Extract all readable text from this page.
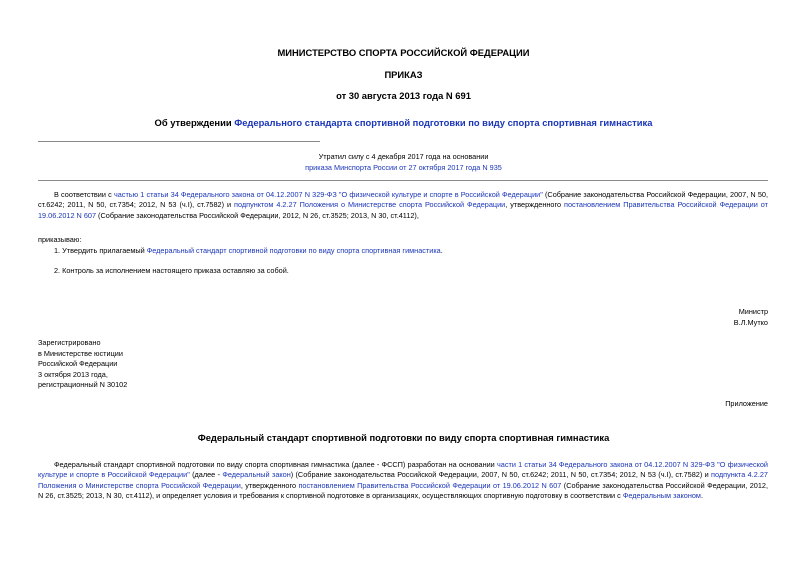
МИНИСТЕРСТВО СПОРТА РОССИЙСКОЙ ФЕДЕРАЦИИ
ПРИКАЗ
от 30 августа 2013 года N 691
Об утверждении Федерального стандарта спортивной подготовки по виду спорта спортивная гимнастика
Утратил силу с 4 декабря 2017 года на основании
приказа Минспорта России от 27 октября 2017 года N 935
В соответствии с частью 1 статьи 34 Федерального закона от 04.12.2007 N 329-ФЗ "О физической культуре и спорте в Российской Федерации" (Собрание законодательства Российской Федерации, 2007, N 50, ст.6242; 2011, N 50, ст.7354; 2012, N 53 (ч.I), ст.7582) и подпунктом 4.2.27 Положения о Министерстве спорта Российской Федерации, утвержденного постановлением Правительства Российской Федерации от 19.06.2012 N 607 (Собрание законодательства Российской Федерации, 2012, N 26, ст.3525; 2013, N 30, ст.4112),
приказываю:
1. Утвердить прилагаемый Федеральный стандарт спортивной подготовки по виду спорта спортивная гимнастика.
2. Контроль за исполнением настоящего приказа оставляю за собой.
Министр
В.Л.Мутко
Зарегистрировано
в Министерстве юстиции
Российской Федерации
3 октября 2013 года,
регистрационный N 30102
Приложение
Федеральный стандарт спортивной подготовки по виду спорта спортивная гимнастика
Федеральный стандарт спортивной подготовки по виду спорта спортивная гимнастика (далее - ФССП) разработан на основании части 1 статьи 34 Федерального закона от 04.12.2007 N 329-ФЗ "О физической культуре и спорте в Российской Федерации" (далее - Федеральный закон) (Собрание законодательства Российской Федерации, 2007, N 50, ст.6242; 2011, N 50, ст.7354; 2012, N 53 (ч.I), ст.7582) и подпункта 4.2.27 Положения о Министерстве спорта Российской Федерации, утвержденного постановлением Правительства Российской Федерации от 19.06.2012 N 607 (Собрание законодательства Российской Федерации, 2012, N 26, ст.3525; 2013, N 30, ст.4112), и определяет условия и требования к спортивной подготовке в организациях, осуществляющих спортивную подготовку в соответствии с Федеральным законом.
